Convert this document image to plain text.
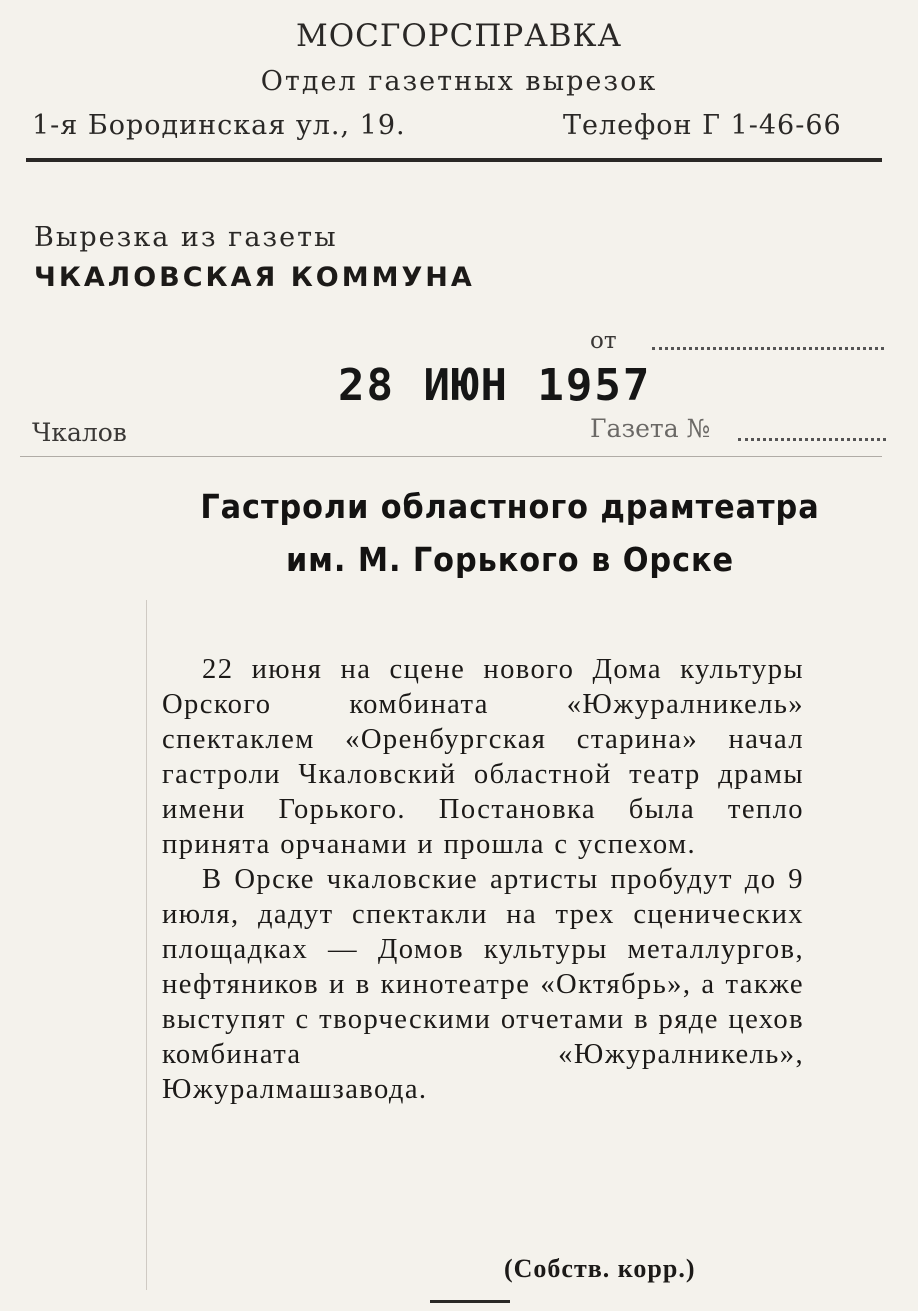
МОСГОРСПРАВКА
Отдел газетных вырезок
1-я Бородинская ул., 19.	Телефон Г 1-46-66
Вырезка из газеты
ЧКАЛОВСКАЯ КОММУНА
от
28 ИЮН 1957
Чкалов	Газета №
Гастроли областного драмтеатра им. М. Горького в Орске

22 июня на сцене нового Дома культуры Орского комбината «Южуралникель» спектаклем «Оренбургская старина» начал гастроли Чкаловский областной театр драмы имени Горького. Постановка была тепло принята орчанами и прошла с успехом.

В Орске чкаловские артисты пробудут до 9 июля, дадут спектакли на трех сценических площадках — Домов культуры металлургов, нефтяников и в кинотеатре «Октябрь», а также выступят с творческими отчетами в ряде цехов комбината «Южуралникель», Южуралмашзавода.

(Собств. корр.)
